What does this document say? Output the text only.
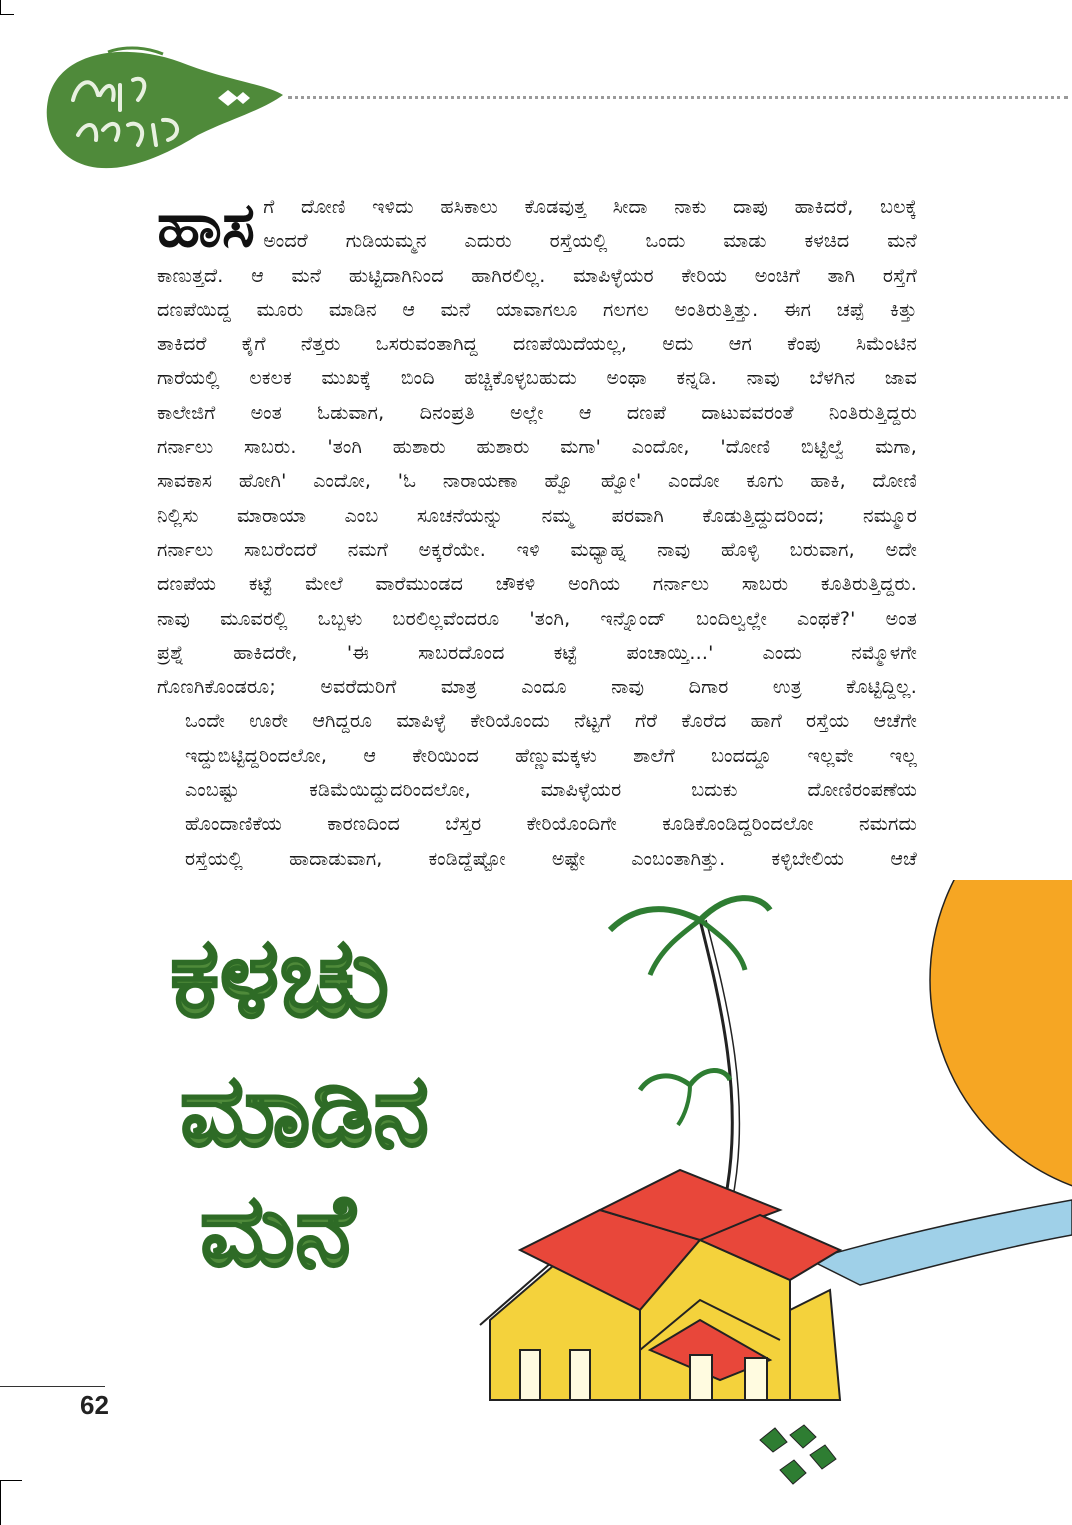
ಹಾಸ ಗೆ ದೋಣಿ ಇಳಿದು ಹಸಿಕಾಲು ಕೊಡವುತ್ತ ಸೀದಾ ನಾಕು ದಾಪು ಹಾಕಿದರೆ, ಬಲಕ್ಕೆ
ಅಂದರೆ ಗುಡಿಯಮ್ಮನ ಎದುರು ರಸ್ತೆಯಲ್ಲಿ ಒಂದು ಮಾಡು ಕಳಚಿದ ಮನೆ
ಕಾಣುತ್ತದೆ. ಆ ಮನೆ ಹುಟ್ಟಿದಾಗಿನಿಂದ ಹಾಗಿರಲಿಲ್ಲ. ಮಾಪಿಳ್ಳೆಯರ ಕೇರಿಯ ಅಂಚಿಗೆ ತಾಗಿ ರಸ್ತೆಗೆ
ದಣಪೆಯಿದ್ದ ಮೂರು ಮಾಡಿನ ಆ ಮನೆ ಯಾವಾಗಲೂ ಗಲಗಲ ಅಂತಿರುತ್ತಿತ್ತು. ಈಗ ಚಪ್ಪೆ ಕಿತ್ತು
ತಾಕಿದರೆ ಕೈಗೆ ನೆತ್ತರು ಒಸರುವಂತಾಗಿದ್ದ ದಣಪೆಯಿದೆಯಲ್ಲ, ಅದು ಆಗ ಕೆಂಪು ಸಿಮೆಂಟಿನ
ಗಾರೆಯಲ್ಲಿ ಲಕಲಕ ಮುಖಕ್ಕೆ ಬಿಂದಿ ಹಚ್ಚಿಕೊಳ್ಳಬಹುದು ಅಂಥಾ ಕನ್ನಡಿ. ನಾವು ಬೆಳಗಿನ ಜಾವ
ಕಾಲೇಜಿಗೆ ಅಂತ ಓಡುವಾಗ, ದಿನಂಪ್ರತಿ ಅಲ್ಲೇ ಆ ದಣಪೆ ದಾಟುವವರಂತೆ ನಿಂತಿರುತ್ತಿದ್ದರು
ಗರ್ನಾಲು ಸಾಬರು. 'ತಂಗಿ ಹುಶಾರು ಹುಶಾರು ಮಗಾ' ಎಂದೋ, 'ದೋಣಿ ಬಿಟ್ಟಿಲ್ವೆ ಮಗಾ,
ಸಾವಕಾಸ ಹೋಗಿ' ಎಂದೋ, 'ಓ ನಾರಾಯಣಾ ಹ್ವೊ ಹ್ವೋ' ಎಂದೋ ಕೂಗು ಹಾಕಿ, ದೋಣಿ
ನಿಲ್ಲಿಸು ಮಾರಾಯಾ ಎಂಬ ಸೂಚನೆಯನ್ನು ನಮ್ಮ ಪರವಾಗಿ ಕೊಡುತ್ತಿದ್ದುದರಿಂದ; ನಮ್ಮೂರ
ಗರ್ನಾಲು ಸಾಬರೆಂದರೆ ನಮಗೆ ಅಕ್ಕರೆಯೇ. ಇಳಿ ಮಧ್ಯಾಹ್ನ ನಾವು ಹೊಳ್ಳಿ ಬರುವಾಗ, ಅದೇ
ದಣಪೆಯ ಕಟ್ಟೆ ಮೇಲೆ ವಾರೆಮುಂಡದ ಚೌಕಳಿ ಅಂಗಿಯ ಗರ್ನಾಲು ಸಾಬರು ಕೂತಿರುತ್ತಿದ್ದರು.
ನಾವು ಮೂವರಲ್ಲಿ ಒಬ್ಬಳು ಬರಲಿಲ್ಲವೆಂದರೂ 'ತಂಗಿ, ಇನ್ನೊಂದ್ ಬಂದಿಲ್ವಲ್ಲೇ ಎಂಥಕೆ?' ಅಂತ
ಪ್ರಶ್ನೆ ಹಾಕಿದರೇ, 'ಈ ಸಾಬರದೊಂದ ಕಟ್ಟೆ ಪಂಚಾಯ್ತಿ...' ಎಂದು ನಮ್ಮೊಳಗೇ
ಗೊಣಗಿಕೊಂಡರೂ; ಅವರೆದುರಿಗೆ ಮಾತ್ರ ಎಂದೂ ನಾವು ದಿಗಾರ ಉತ್ರ ಕೊಟ್ಟಿದ್ದಿಲ್ಲ.
ಒಂದೇ ಊರೇ ಆಗಿದ್ದರೂ ಮಾಪಿಳ್ಳೆ ಕೇರಿಯೊಂದು ನೆಟ್ಟಗೆ ಗೆರೆ ಕೊರೆದ ಹಾಗೆ ರಸ್ತೆಯ ಆಚೆಗೇ
ಇದ್ದುಬಿಟ್ಟಿದ್ದರಿಂದಲೋ, ಆ ಕೇರಿಯಿಂದ ಹೆಣ್ಣುಮಕ್ಕಳು ಶಾಲೆಗೆ ಬಂದದ್ದೂ ಇಲ್ಲವೇ ಇಲ್ಲ
ಎಂಬಷ್ಟು ಕಡಿಮೆಯಿದ್ದುದರಿಂದಲೋ, ಮಾಪಿಳ್ಳೆಯರ ಬದುಕು ದೋಣಿರಂಪಣೆಯ
ಹೊಂದಾಣಿಕೆಯ ಕಾರಣದಿಂದ ಬೆಸ್ತರ ಕೇರಿಯೊಂದಿಗೇ ಕೂಡಿಕೊಂಡಿದ್ದರಿಂದಲೋ ನಮಗದು
ರಸ್ತೆಯಲ್ಲಿ ಹಾದಾಡುವಾಗ, ಕಂಡಿದ್ದೆಷ್ಟೋ ಅಷ್ಟೇ ಎಂಬಂತಾಗಿತ್ತು. ಕಳ್ಳಿಬೇಲಿಯ ಆಚೆ
ಕಳಚು
ಮಾಡಿನ
ಮನೆ
62
